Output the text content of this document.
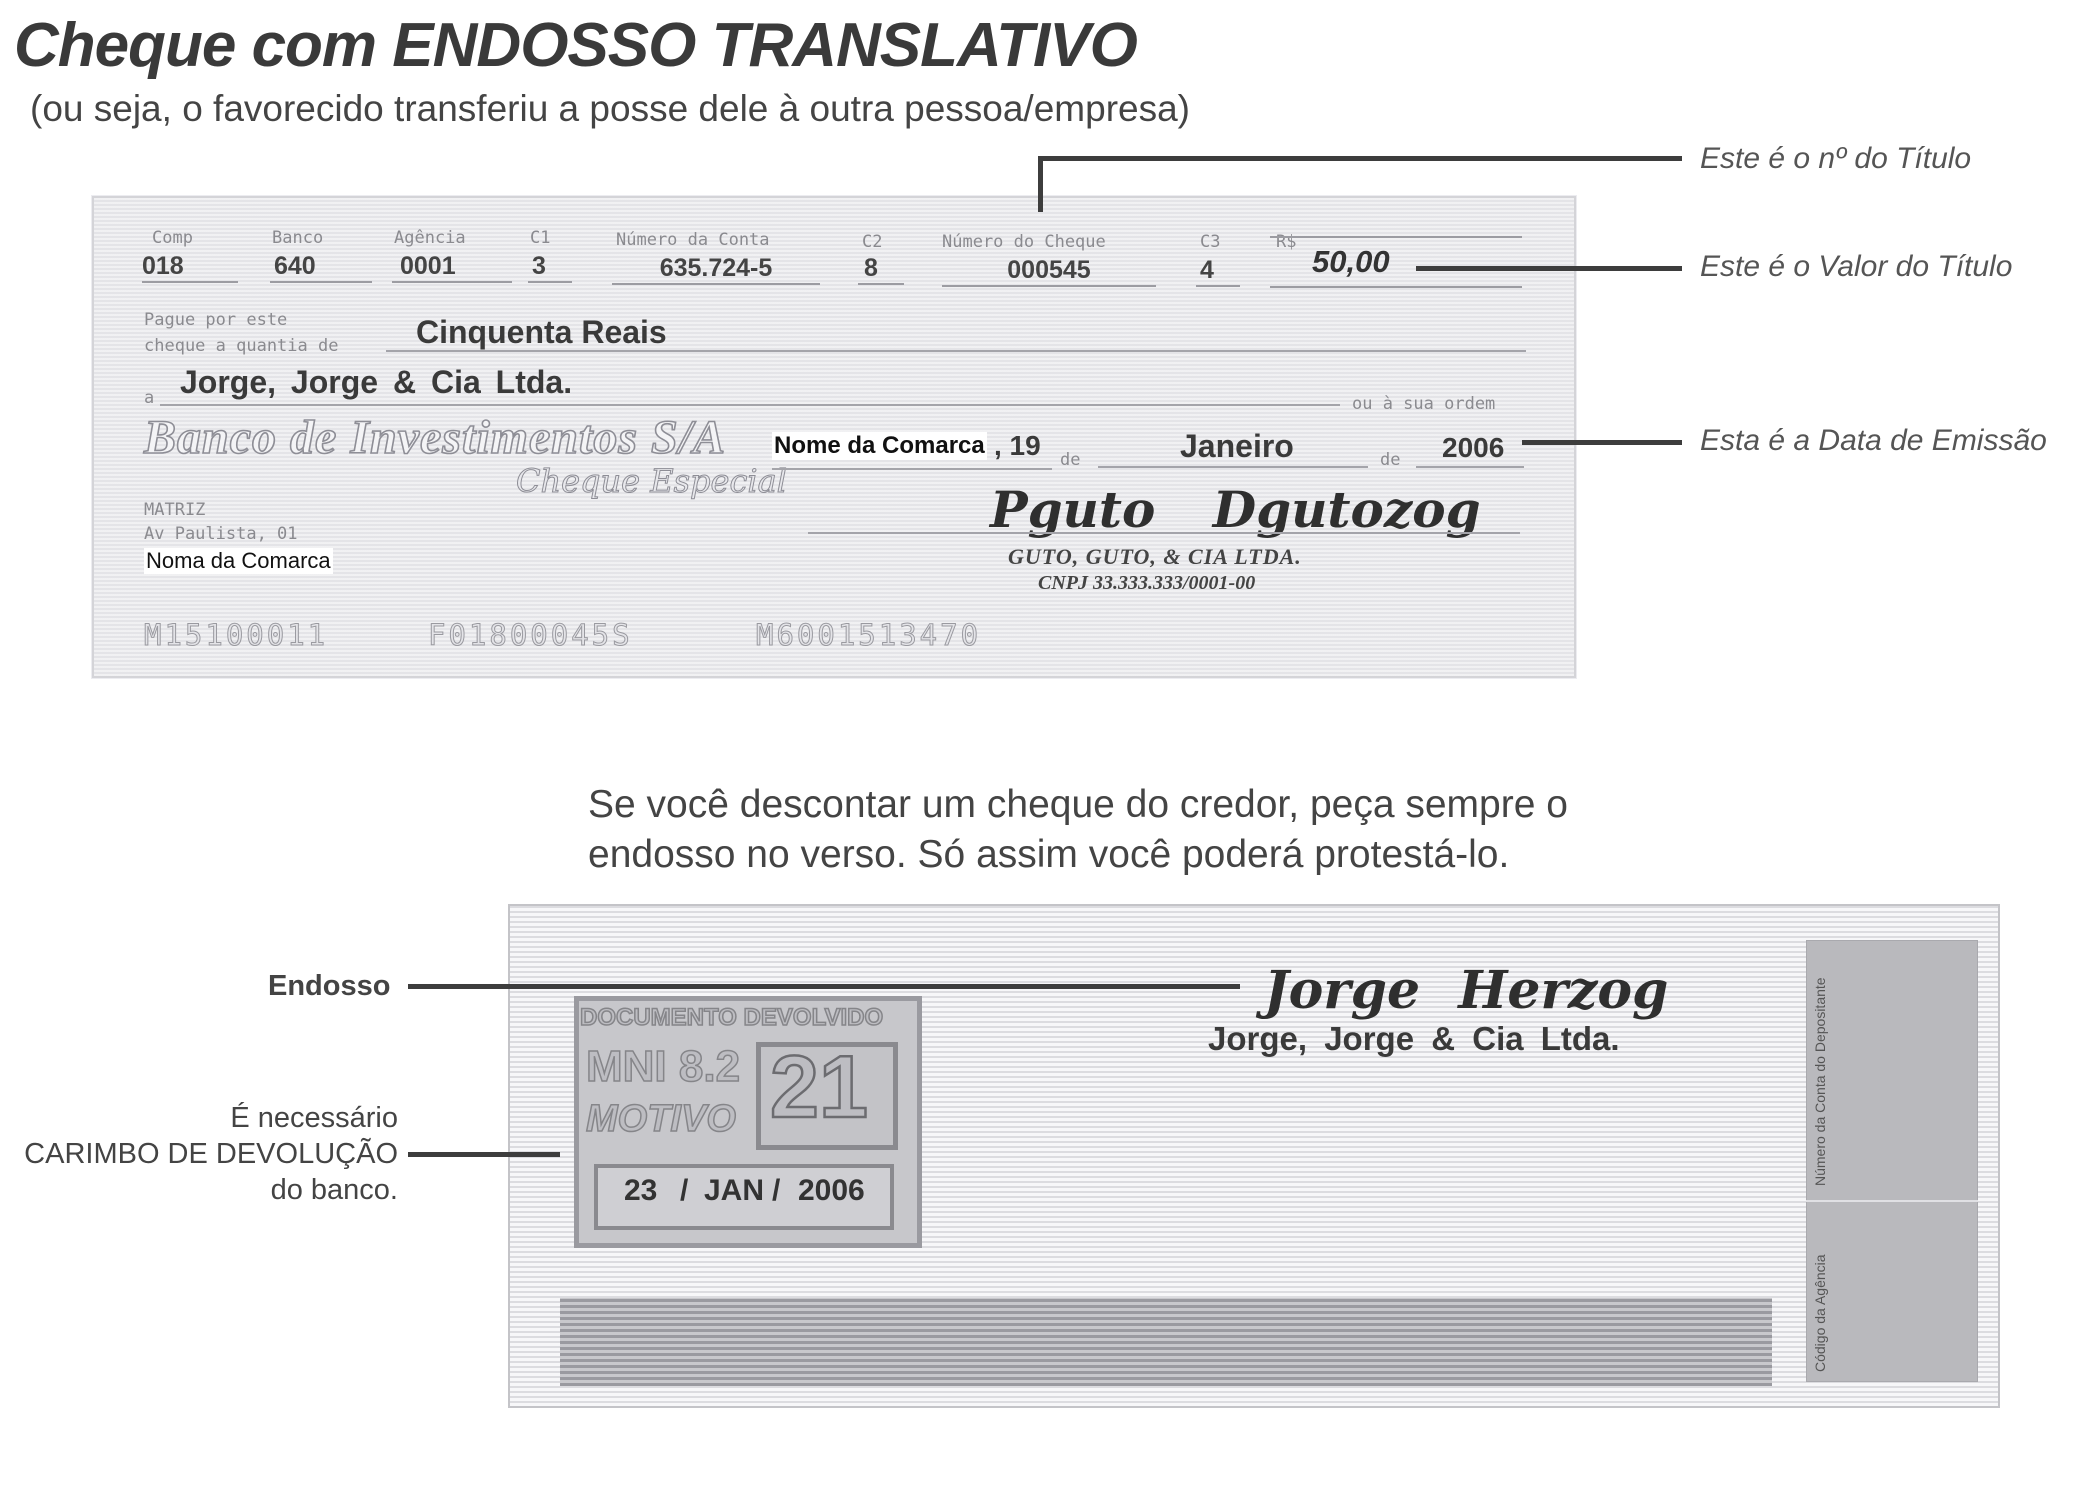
Cheque com ENDOSSO TRANSLATIVO
(ou seja, o favorecido transferiu a posse dele à outra pessoa/empresa)
Comp
018
Banco
640
Agência
0001
C1
3
Número da Conta
635.724-5
C2
8
Número do Cheque
000545
C3
4
R$
50,00
Pague por este
cheque a quantia de Cinquenta Reais
a Jorge, Jorge & Cia Ltda.
ou à sua ordem
Banco de Investimentos S/A
Cheque Especial
Nome da Comarca , 19 de	Janeiro	de 2006
MATRIZ
Av Paulista, 01
Noma da Comarca
Pguto Dgutozog
GUTO, GUTO, & CIA LTDA.
CNPJ 33.333.333/0001-00
M15100011	F01800045S	M6001513470
Este é o nº do Título
Este é o Valor do Título
Esta é a Data de Emissão
Se você descontar um cheque do credor, peça sempre o
endosso no verso. Só assim você poderá protestá-lo.
Número da Conta do Depositante
Código da Agência
DOCUMENTO DEVOLVIDO
MNI 8.2
MOTIVO 21
23 / JAN / 2006
Jorge Herzog
Jorge, Jorge & Cia Ltda.
Endosso
É necessário
CARIMBO DE DEVOLUÇÃO
do banco.
